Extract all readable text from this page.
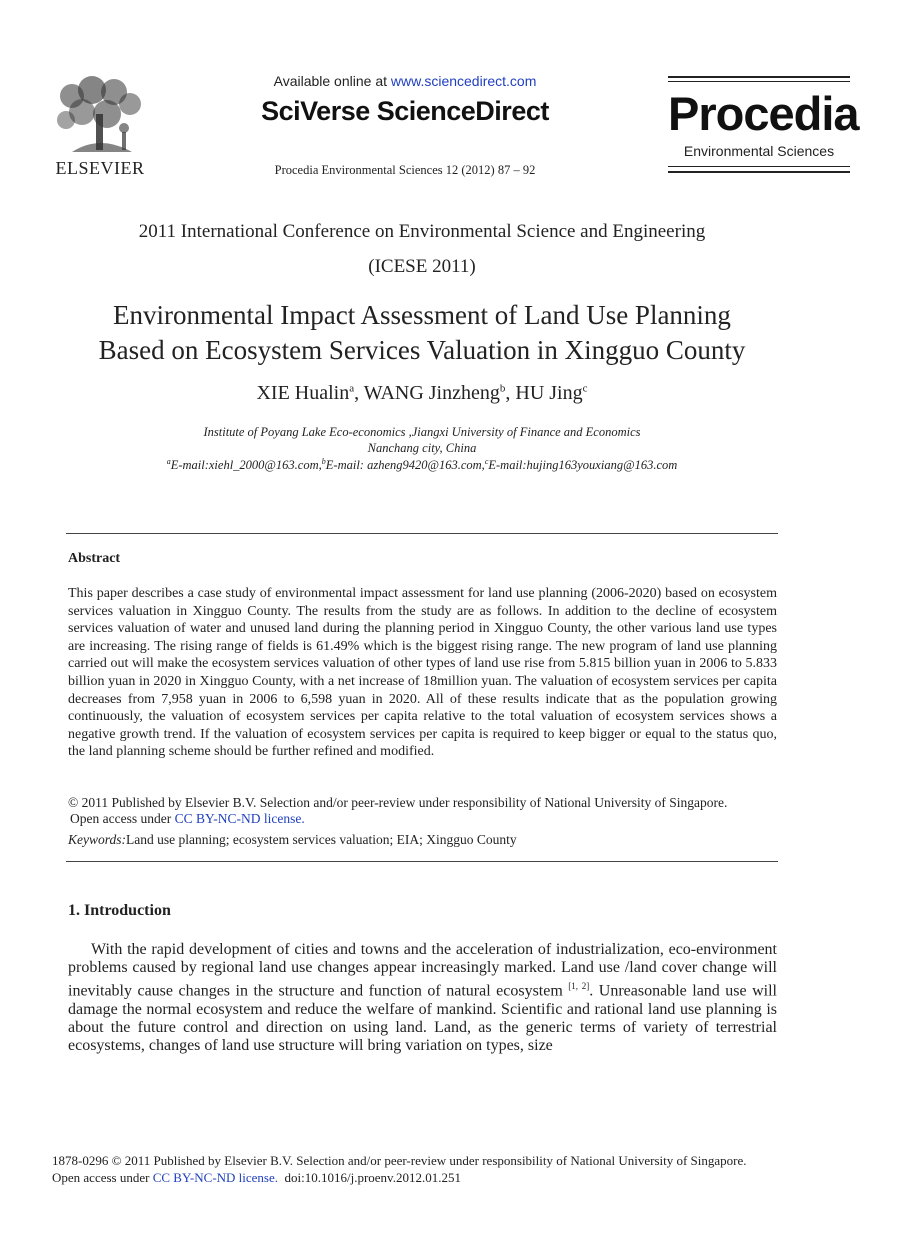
ELSEVIER
Available online at www.sciencedirect.com
SciVerse ScienceDirect
Procedia Environmental Sciences 12 (2012) 87 – 92
Procedia
Environmental Sciences
2011 International Conference on Environmental Science and Engineering
(ICESE 2011)
Environmental Impact Assessment of Land Use Planning
Based on Ecosystem Services Valuation in Xingguo County
XIE Hualin$^a$, WANG Jinzheng$^b$, HU Jing$^c$
Institute of Poyang Lake Eco-economics ,Jiangxi University of Finance and Economics
Nanchang city, China
$^a$E-mail:xiehl_2000@163.com,$^b$E-mail: azheng9420@163.com,$^c$E-mail:hujing163youxiang@163.com
Abstract
This paper describes a case study of environmental impact assessment for land use planning (2006-2020) based on ecosystem services valuation in Xingguo County. The results from the study are as follows. In addition to the decline of ecosystem services valuation of water and unused land during the planning period in Xingguo County, the other various land use types are increasing. The rising range of fields is 61.49% which is the biggest rising range. The new program of land use planning carried out will make the ecosystem services valuation of other types of land use rise from 5.815 billion yuan in 2006 to 5.833 billion yuan in 2020 in Xingguo County, with a net increase of 18million yuan. The valuation of ecosystem services per capita decreases from 7,958 yuan in 2006 to 6,598 yuan in 2020. All of these results indicate that as the population growing continuously, the valuation of ecosystem services per capita relative to the total valuation of ecosystem services shows a negative growth trend. If the valuation of ecosystem services per capita is required to keep bigger or equal to the status quo, the land planning scheme should be further refined and modified.
© 2011 Published by Elsevier B.V. Selection and/or peer-review under responsibility of National University of Singapore.
Open access under CC BY-NC-ND license.
Keywords:Land use planning; ecosystem services valuation; EIA; Xingguo County
1. Introduction
With the rapid development of cities and towns and the acceleration of industrialization, eco-environment problems caused by regional land use changes appear increasingly marked. Land use /land cover change will inevitably cause changes in the structure and function of natural ecosystem [1, 2]. Unreasonable land use will damage the normal ecosystem and reduce the welfare of mankind. Scientific and rational land use planning is about the future control and direction on using land. Land, as the generic terms of variety of terrestrial ecosystems, changes of land use structure will bring variation on types, size
1878-0296 © 2011 Published by Elsevier B.V. Selection and/or peer-review under responsibility of National University of Singapore.
Open access under CC BY-NC-ND license. doi:10.1016/j.proenv.2012.01.251
